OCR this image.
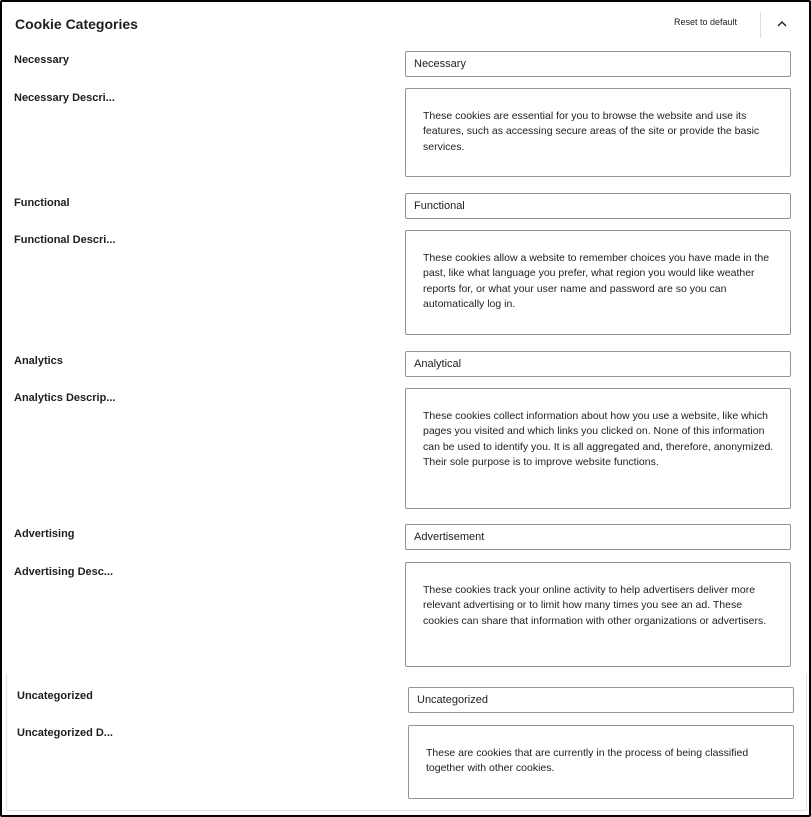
Cookie Categories	Reset to default
Necessary
Necessary
Necessary Descri...
These cookies are essential for you to browse the website and use its features, such as accessing secure areas of the site or provide the basic services.
Functional
Functional
Functional Descri...
These cookies allow a website to remember choices you have made in the past, like what language you prefer, what region you would like weather reports for, or what your user name and password are so you can automatically log in.
Analytics
Analytical
Analytics Descrip...
These cookies collect information about how you use a website, like which pages you visited and which links you clicked on. None of this information can be used to identify you. It is all aggregated and, therefore, anonymized. Their sole purpose is to improve website functions.
Advertising
Advertisement
Advertising Desc...
These cookies track your online activity to help advertisers deliver more relevant advertising or to limit how many times you see an ad. These cookies can share that information with other organizations or advertisers.
Uncategorized
Uncategorized
Uncategorized D...
These are cookies that are currently in the process of being classified together with other cookies.
